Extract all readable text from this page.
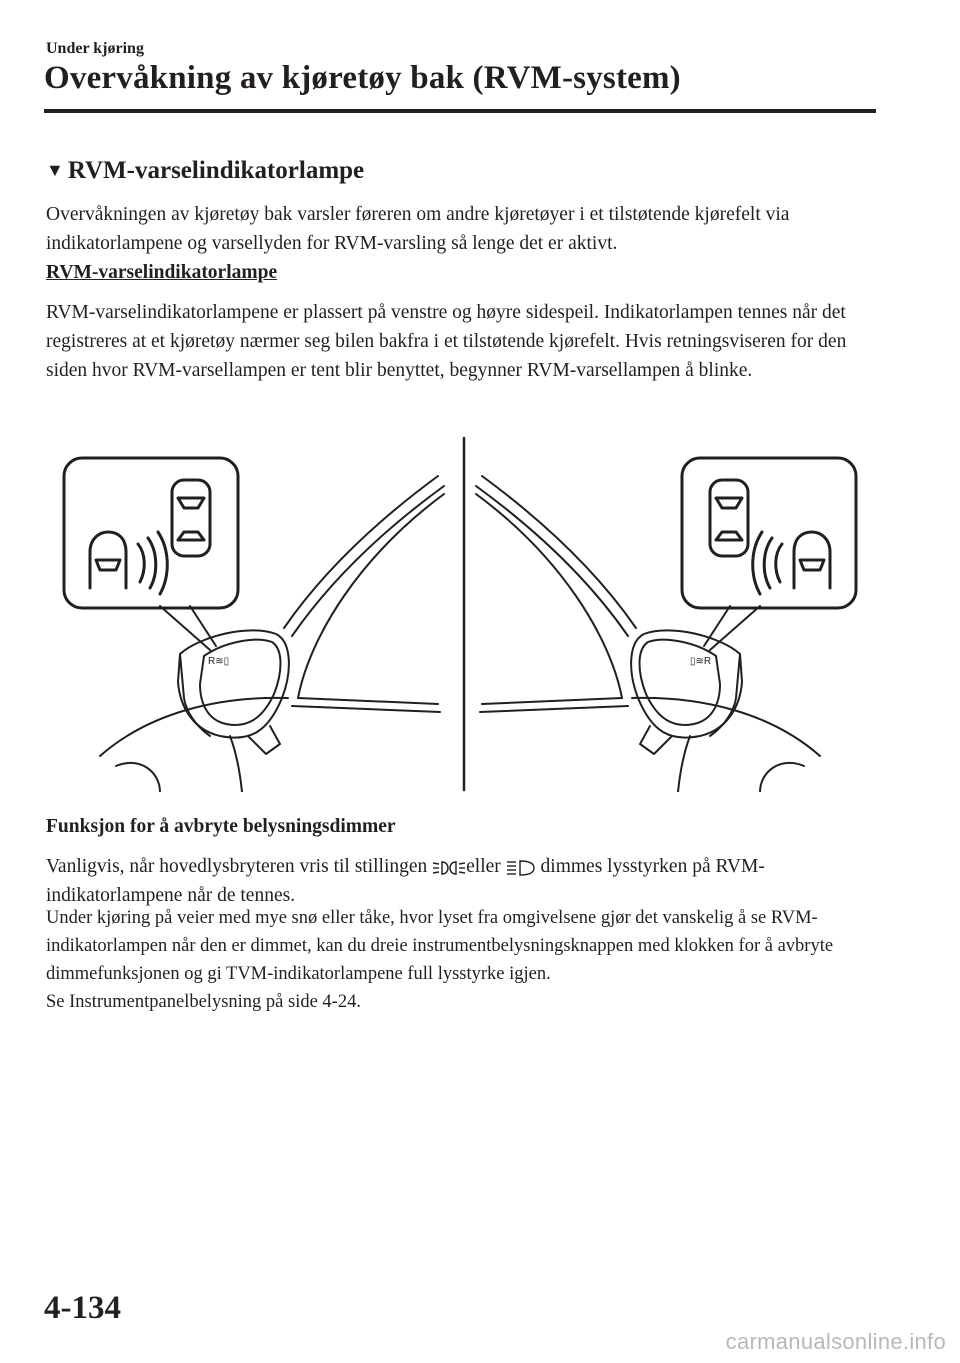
Under kjøring
Overvåkning av kjøretøy bak (RVM-system)
▼ RVM-varselindikatorlampe
Overvåkningen av kjøretøy bak varsler føreren om andre kjøretøyer i et tilstøtende kjørefelt via indikatorlampene og varsellyden for RVM-varsling så lenge det er aktivt.
RVM-varselindikatorlampe
RVM-varselindikatorlampene er plassert på venstre og høyre sidespeil. Indikatorlampen tennes når det registreres at et kjøretøy nærmer seg bilen bakfra i et tilstøtende kjørefelt. Hvis retningsviseren for den siden hvor RVM-varsellampen er tent blir benyttet, begynner RVM-varsellampen å blinke.
R≋▯	▯≋R
Funksjon for å avbryte belysningsdimmer
Vanligvis, når hovedlysbryteren vris til stillingen eller  dimmes lysstyrken på RVM-indikatorlampene når de tennes.
Under kjøring på veier med mye snø eller tåke, hvor lyset fra omgivelsene gjør det vanskelig å se RVM-indikatorlampen når den er dimmet, kan du dreie instrumentbelysningsknappen med klokken for å avbryte dimmefunksjonen og gi TVM-indikatorlampene full lysstyrke igjen.
Se Instrumentpanelbelysning på side 4-24.
4-134
carmanualsonline.info
